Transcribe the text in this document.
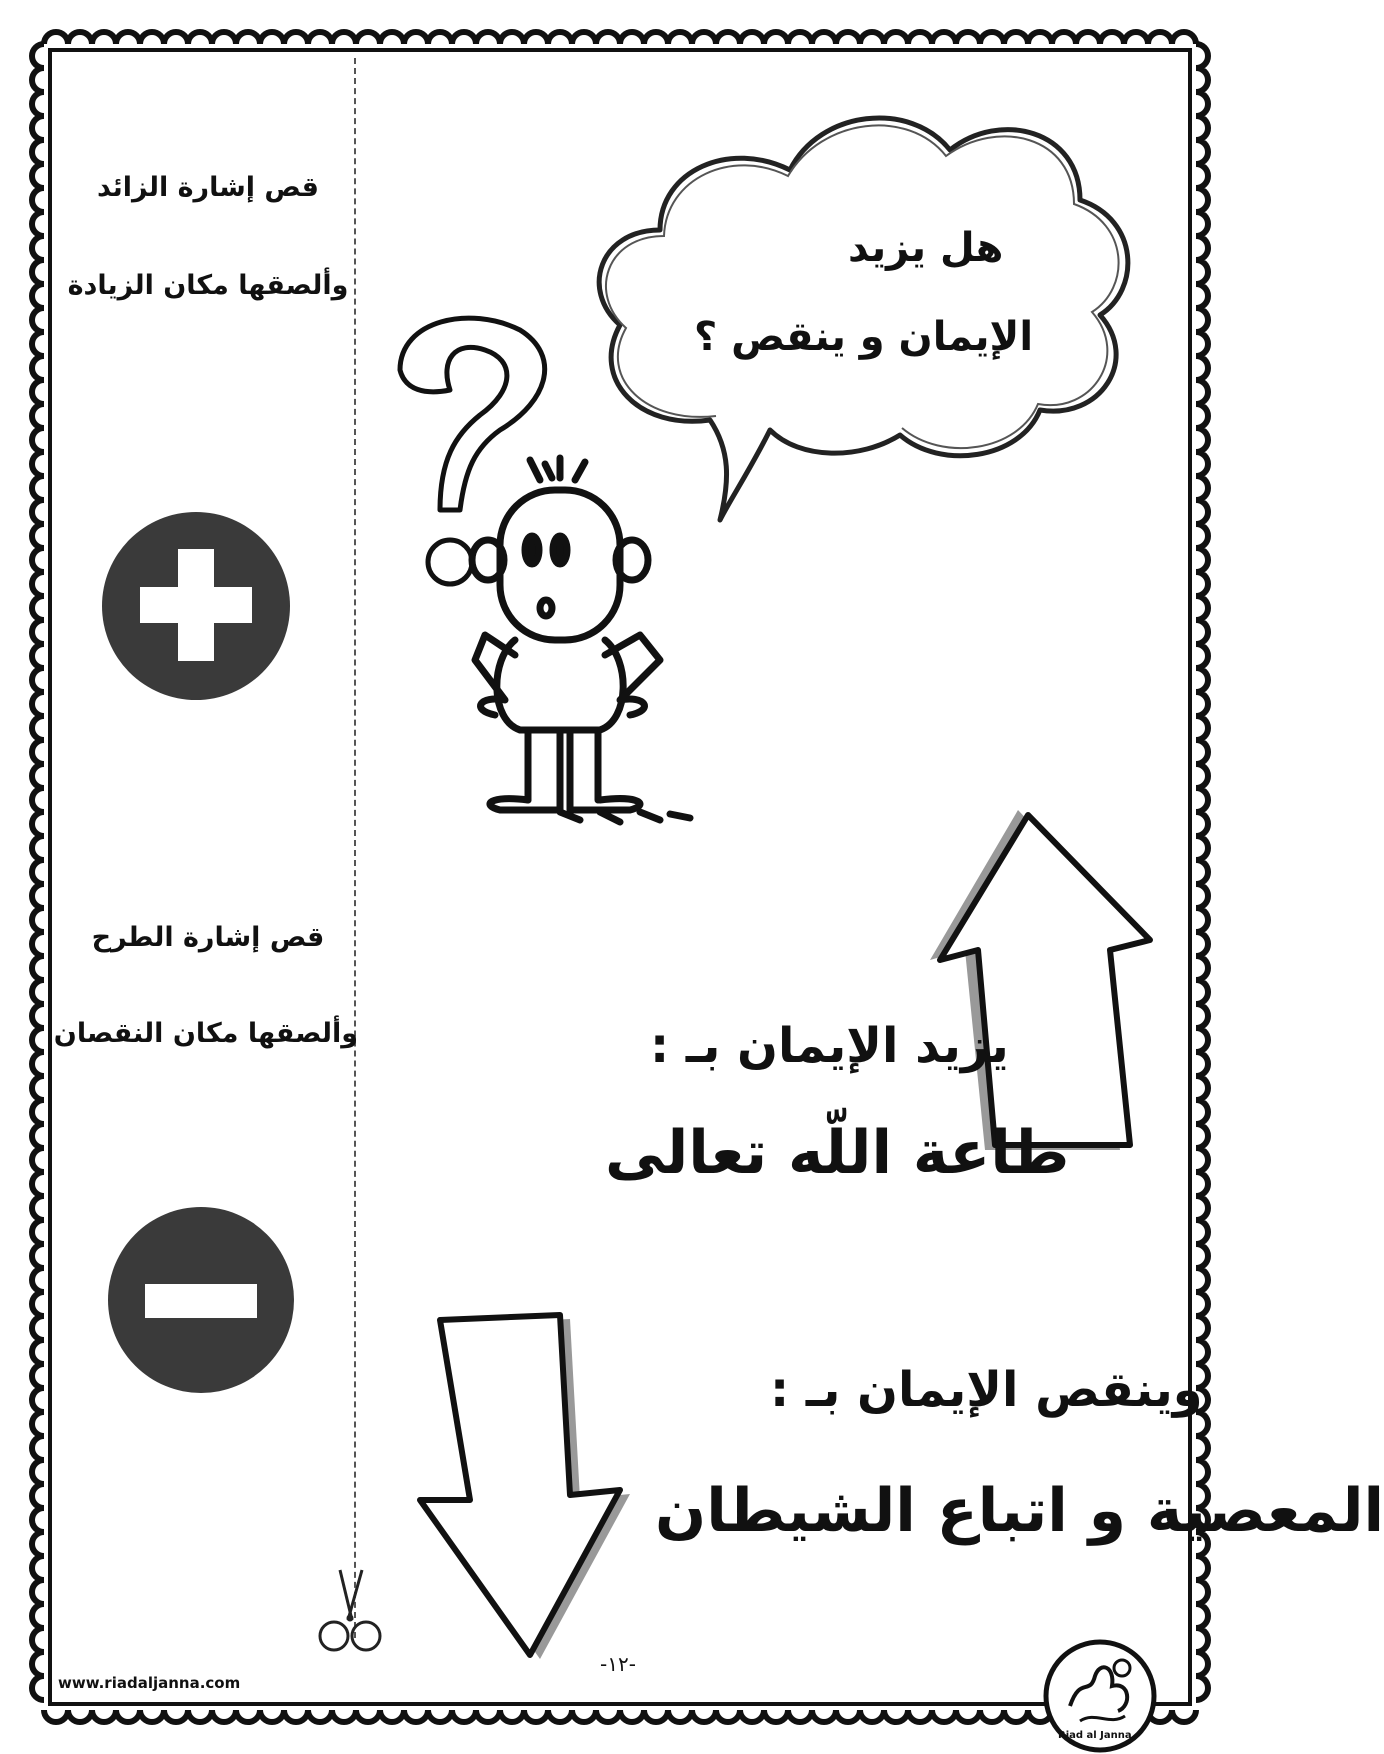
قص إشارة الزائد
وألصقها مكان الزيادة
قص إشارة الطرح
وألصقها مكان النقصان
هل يزيد
الإيمان و ينقص ؟
يزيد الإيمان بـ :
طاعة اللّه تعالى
وينقص الإيمان بـ :
المعصية و اتباع الشيطان
www.riadaljanna.com
-١٢-
Riad al Janna
